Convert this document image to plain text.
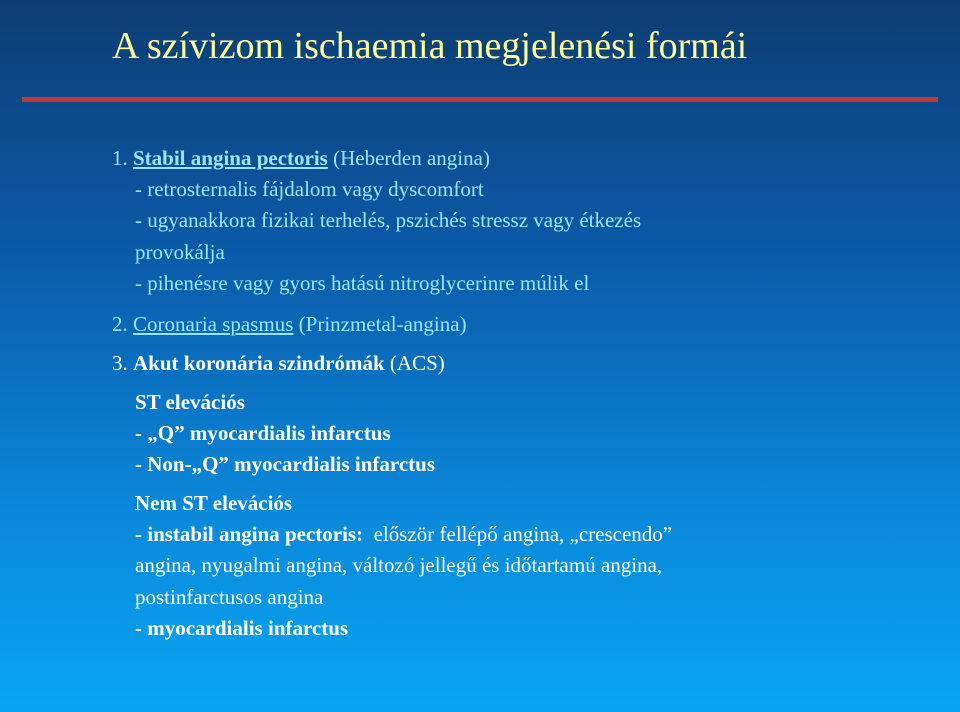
A szívizom ischaemia megjelenési formái
1. Stabil angina pectoris (Heberden angina)
- retrosternalis fájdalom vagy dyscomfort
- ugyanakkora fizikai terhelés, pszichés stressz vagy étkezés
provokálja
- pihenésre vagy gyors hatású nitroglycerinre múlik el
2. Coronaria spasmus (Prinzmetal-angina)
3. Akut koronária szindrómák (ACS)
ST elevációs
- „Q” myocardialis infarctus
- Non-„Q” myocardialis infarctus
Nem ST elevációs
- instabil angina pectoris:  először fellépő angina, „crescendo”
angina, nyugalmi angina, változó jellegű és időtartamú angina,
postinfarctusos angina
- myocardialis infarctus
